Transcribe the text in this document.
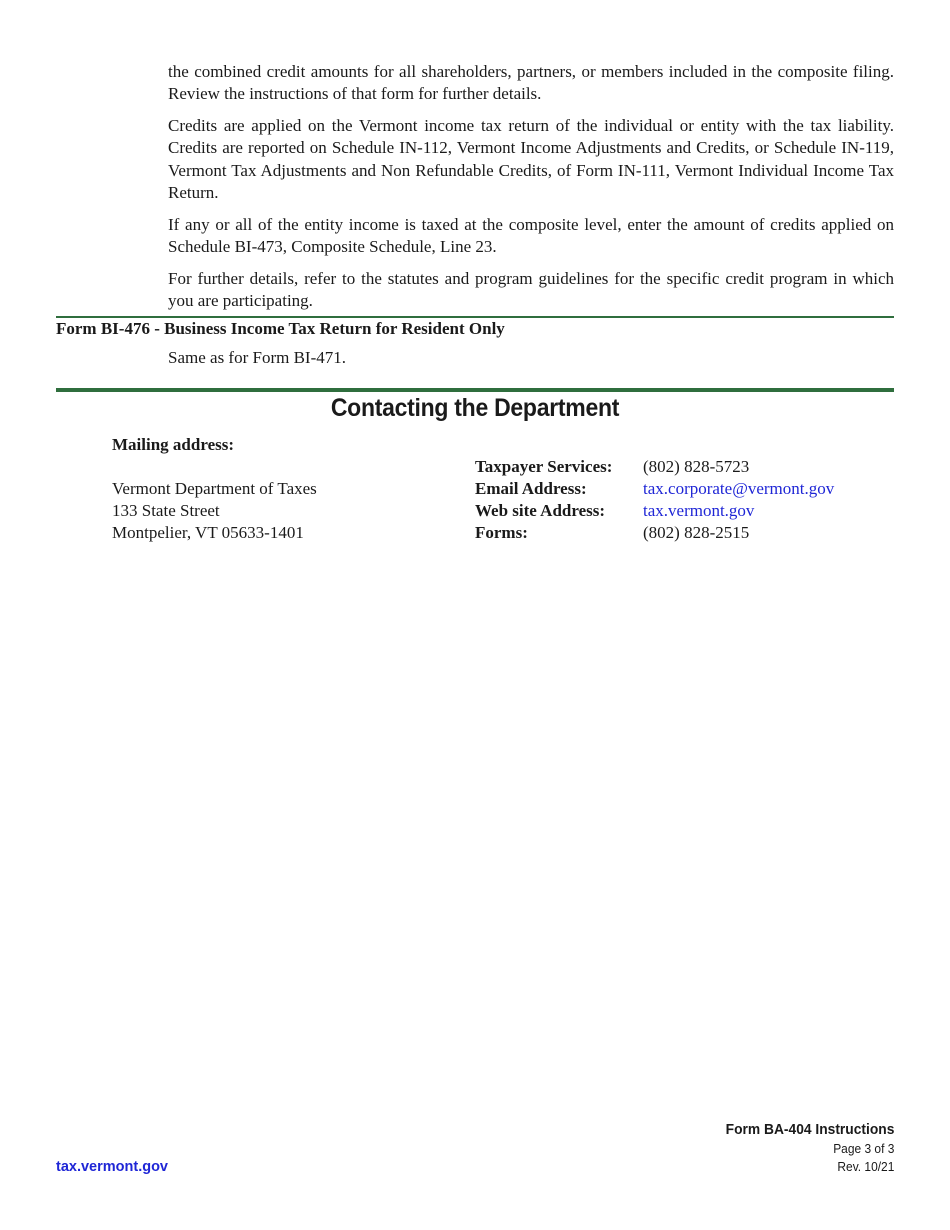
the combined credit amounts for all shareholders, partners, or members included in the composite filing. Review the instructions of that form for further details.

Credits are applied on the Vermont income tax return of the individual or entity with the tax liability. Credits are reported on Schedule IN-112, Vermont Income Adjustments and Credits, or Schedule IN-119, Vermont Tax Adjustments and Non Refundable Credits, of Form IN-111, Vermont Individual Income Tax Return.

If any or all of the entity income is taxed at the composite level, enter the amount of credits applied on Schedule BI-473, Composite Schedule, Line 23.

For further details, refer to the statutes and program guidelines for the specific credit program in which you are participating.

Form BI-476 - Business Income Tax Return for Resident Only

Same as for Form BI-471.

Contacting the Department

Mailing address:

Vermont Department of Taxes

133 State Street

Montpelier, VT 05633-1401

Taxpayer Services: (802) 828-5723

Email Address:	tax.corporate@vermont.gov

Web site Address: tax.vermont.gov

Forms:	(802) 828-2515

tax.vermont.gov
Form BA-404 Instructions
Page 3 of 3
Rev. 10/21
